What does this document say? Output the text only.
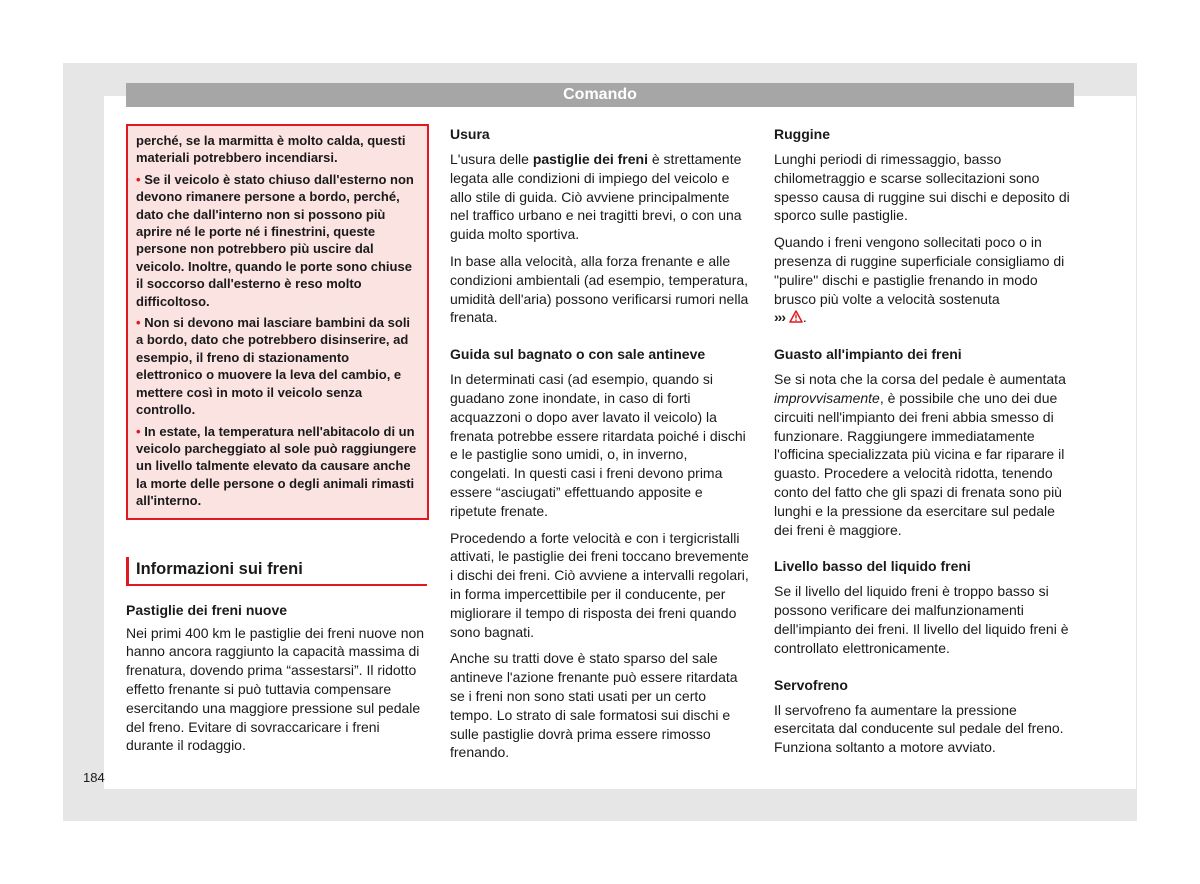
Comando

perché, se la marmitta è molto calda, questi materiali potrebbero incendiarsi.

• Se il veicolo è stato chiuso dall'esterno non devono rimanere persone a bordo, perché, dato che dall'interno non si possono più aprire né le porte né i finestrini, queste persone non potrebbero più uscire dal veicolo. Inoltre, quando le porte sono chiuse il soccorso dall'esterno è reso molto difficoltoso.

• Non si devono mai lasciare bambini da soli a bordo, dato che potrebbero disinserire, ad esempio, il freno di stazionamento elettronico o muovere la leva del cambio, e mettere così in moto il veicolo senza controllo.

• In estate, la temperatura nell'abitacolo di un veicolo parcheggiato al sole può raggiungere un livello talmente elevato da causare anche la morte delle persone o degli animali rimasti all'interno.

Informazioni sui freni
Pastiglie dei freni nuove

Nei primi 400 km le pastiglie dei freni nuove non hanno ancora raggiunto la capacità massima di frenatura, dovendo prima “assestarsi”. Il ridotto effetto frenante si può tuttavia compensare esercitando una maggiore pressione sul pedale del freno. Evitare di sovraccaricare i freni durante il rodaggio.

Usura

L'usura delle pastiglie dei freni è strettamente legata alle condizioni di impiego del veicolo e allo stile di guida. Ciò avviene principalmente nel traffico urbano e nei tragitti brevi, o con una guida molto sportiva.

In base alla velocità, alla forza frenante e alle condizioni ambientali (ad esempio, temperatura, umidità dell'aria) possono verificarsi rumori nella frenata.

Guida sul bagnato o con sale antineve

In determinati casi (ad esempio, quando si guadano zone inondate, in caso di forti acquazzoni o dopo aver lavato il veicolo) la frenata potrebbe essere ritardata poiché i dischi e le pastiglie sono umidi, o, in inverno, congelati. In questi casi i freni devono prima essere “asciugati” effettuando apposite e ripetute frenate.

Procedendo a forte velocità e con i tergicristalli attivati, le pastiglie dei freni toccano brevemente i dischi dei freni. Ciò avviene a intervalli regolari, in forma impercettibile per il conducente, per migliorare il tempo di risposta dei freni quando sono bagnati.

Anche su tratti dove è stato sparso del sale antineve l'azione frenante può essere ritardata se i freni non sono stati usati per un certo tempo. Lo strato di sale formatosi sui dischi e sulle pastiglie dovrà prima essere rimosso frenando.

Ruggine

Lunghi periodi di rimessaggio, basso chilometraggio e scarse sollecitazioni sono spesso causa di ruggine sui dischi e deposito di sporco sulle pastiglie.

Quando i freni vengono sollecitati poco o in presenza di ruggine superficiale consigliamo di "pulire" dischi e pastiglie frenando in modo brusco più volte a velocità sostenuta
››› .

Guasto all'impianto dei freni

Se si nota che la corsa del pedale è aumentata improvvisamente, è possibile che uno dei due circuiti nell'impianto dei freni abbia smesso di funzionare. Raggiungere immediatamente l'officina specializzata più vicina e far riparare il guasto. Procedere a velocità ridotta, tenendo conto del fatto che gli spazi di frenata sono più lunghi e la pressione da esercitare sul pedale dei freni è maggiore.

Livello basso del liquido freni

Se il livello del liquido freni è troppo basso si possono verificare dei malfunzionamenti dell'impianto dei freni. Il livello del liquido freni è controllato elettronicamente.

Servofreno

Il servofreno fa aumentare la pressione esercitata dal conducente sul pedale del freno. Funziona soltanto a motore avviato.

184
